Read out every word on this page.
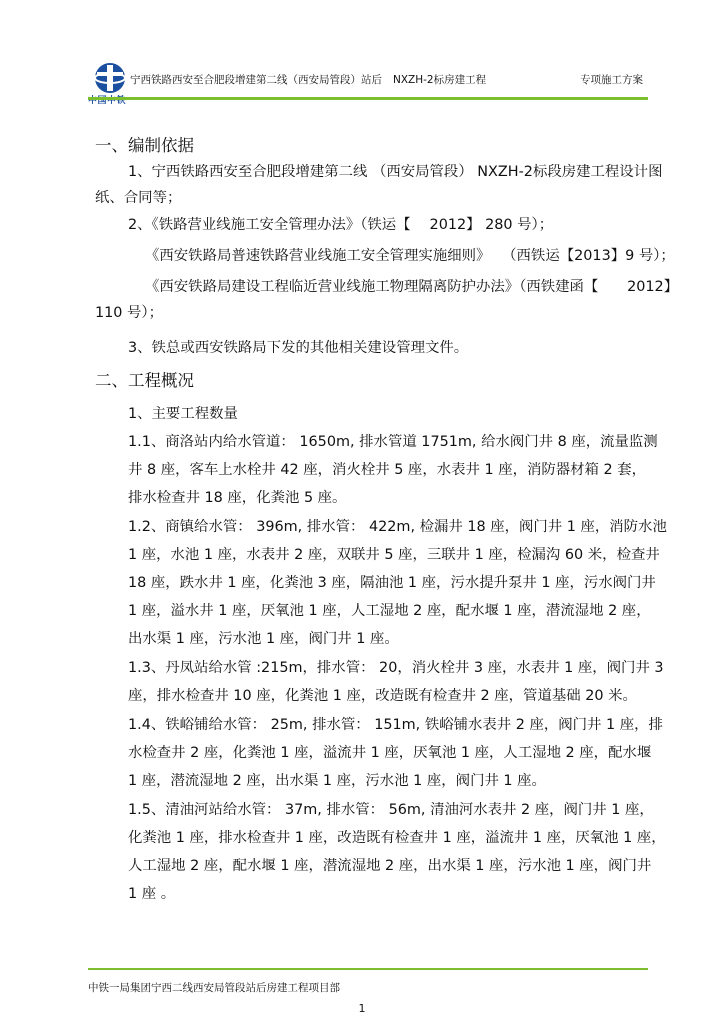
中国中铁
宁西铁路西安至合肥段增建第二线（西安局管段）站后 NXZH-2标房建工程	专项施工方案
一、编制依据
1、宁西铁路西安至合肥段增建第二线 （西安局管段） NXZH-2标段房建工程设计图
纸、合同等；
2、《铁路营业线施工安全管理办法》（铁运【　 2012】 280 号）；
《西安铁路局普速铁路营业线施工安全管理实施细则》　 （西铁运【2013】9 号）；
《西安铁路局建设工程临近营业线施工物理隔离防护办法》（西铁建函【　　2012】
110 号）；
3、铁总或西安铁路局下发的其他相关建设管理文件。
二、工程概况
1、主要工程数量
1.1、商洛站内给水管道： 1650m, 排水管道 1751m, 给水阀门井 8 座，流量监测
井 8 座，客车上水栓井 42 座，消火栓井 5 座，水表井 1 座，消防器材箱 2 套，
排水检查井 18 座，化粪池 5 座。
1.2、商镇给水管： 396m, 排水管： 422m, 检漏井 18 座，阀门井 1 座，消防水池
1 座，水池 1 座，水表井 2 座，双联井 5 座，三联井 1 座，检漏沟 60 米，检查井
18 座，跌水井 1 座，化粪池 3 座，隔油池 1 座，污水提升泵井 1 座，污水阀门井
1 座，溢水井 1 座，厌氧池 1 座，人工湿地 2 座，配水堰 1 座，潜流湿地 2 座，
出水渠 1 座，污水池 1 座，阀门井 1 座。
1.3、丹凤站给水管 :215m，排水管： 20，消火栓井 3 座，水表井 1 座，阀门井 3
座，排水检查井 10 座，化粪池 1 座，改造既有检查井 2 座，管道基础 20 米。
1.4、铁峪铺给水管： 25m, 排水管： 151m, 铁峪铺水表井 2 座，阀门井 1 座，排
水检查井 2 座，化粪池 1 座，溢流井 1 座，厌氧池 1 座，人工湿地 2 座，配水堰
1 座，潜流湿地 2 座，出水渠 1 座，污水池 1 座，阀门井 1 座。
1.5、清油河站给水管： 37m, 排水管： 56m, 清油河水表井 2 座，阀门井 1 座，
化粪池 1 座，排水检查井 1 座，改造既有检查井 1 座，溢流井 1 座，厌氧池 1 座，
人工湿地 2 座，配水堰 1 座，潜流湿地 2 座，出水渠 1 座，污水池 1 座，阀门井
1 座 。
中铁一局集团宁西二线西安局管段站后房建工程项目部
1
